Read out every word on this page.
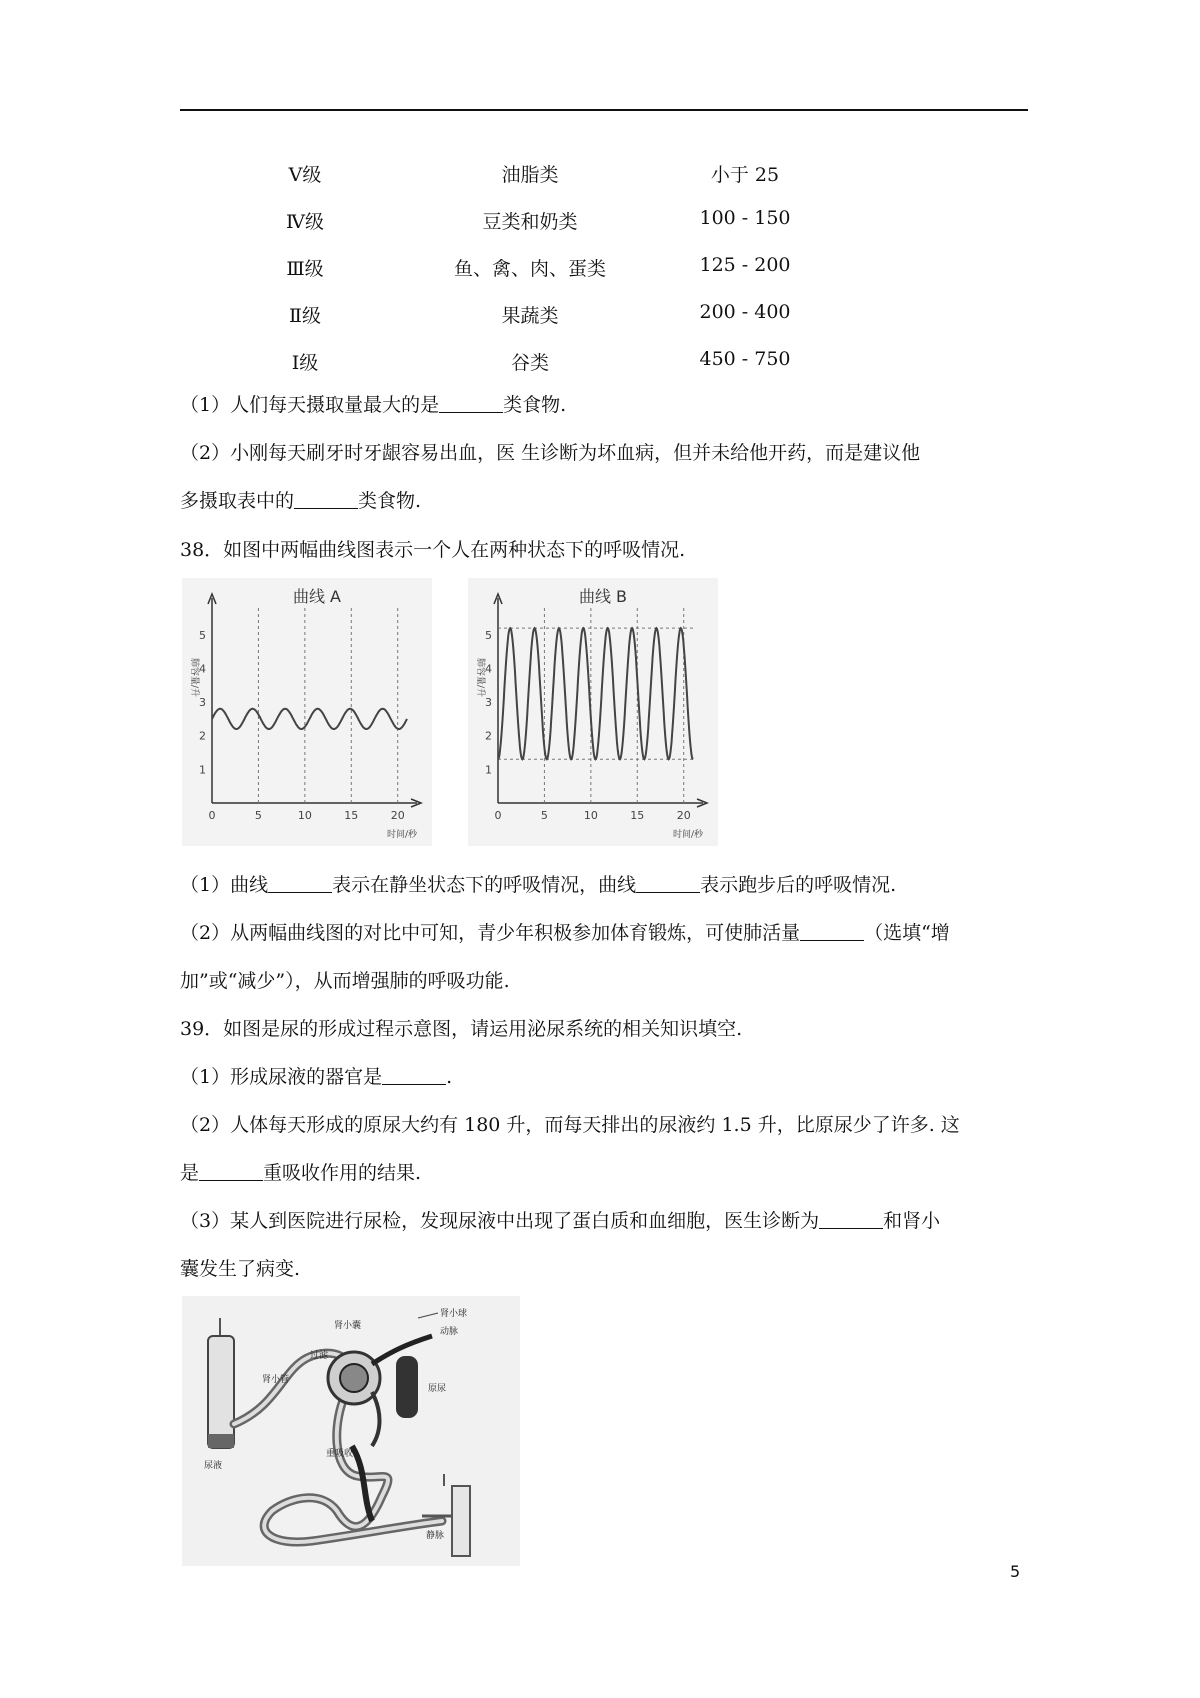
Ⅴ级	油脂类	小于 25
Ⅳ级	豆类和奶类	100 - 150
Ⅲ级	鱼、禽、肉、蛋类	125 - 200
Ⅱ级	果蔬类	200 - 400
Ⅰ级	谷类	450 - 750
（1）人们每天摄取量最大的是	类食物.
（2）小刚每天刷牙时牙龈容易出血，医 生诊断为坏血病，但并未给他开药，而是建议他
多摄取表中的	类食物.
38．如图中两幅曲线图表示一个人在两种状态下的呼吸情况.
曲线 A
肺容量/升
1
2
3
4
5
0	5	10	15	20
时间/秒
曲线 B
肺容量/升
1
2
3
4
5
0	5	10	15	20
时间/秒
（1）曲线	表示在静坐状态下的呼吸情况，曲线	表示跑步后的呼吸情况.
（2）从两幅曲线图的对比中可知，青少年积极参加体育锻炼，可使肺活量	（选填“增
加”或“减少”），从而增强肺的呼吸功能.
39．如图是尿的形成过程示意图，请运用泌尿系统的相关知识填空.
（1）形成尿液的器官是	.
（2）人体每天形成的原尿大约有 180 升，而每天排出的尿液约 1.5 升，比原尿少了许多. 这
是	重吸收作用的结果.
（3）某人到医院进行尿检，发现尿液中出现了蛋白质和血细胞，医生诊断为	和肾小
囊发生了病变.
肾小球
肾小囊
动脉
过滤
原尿
肾小管
重吸收
尿液
静脉
5
